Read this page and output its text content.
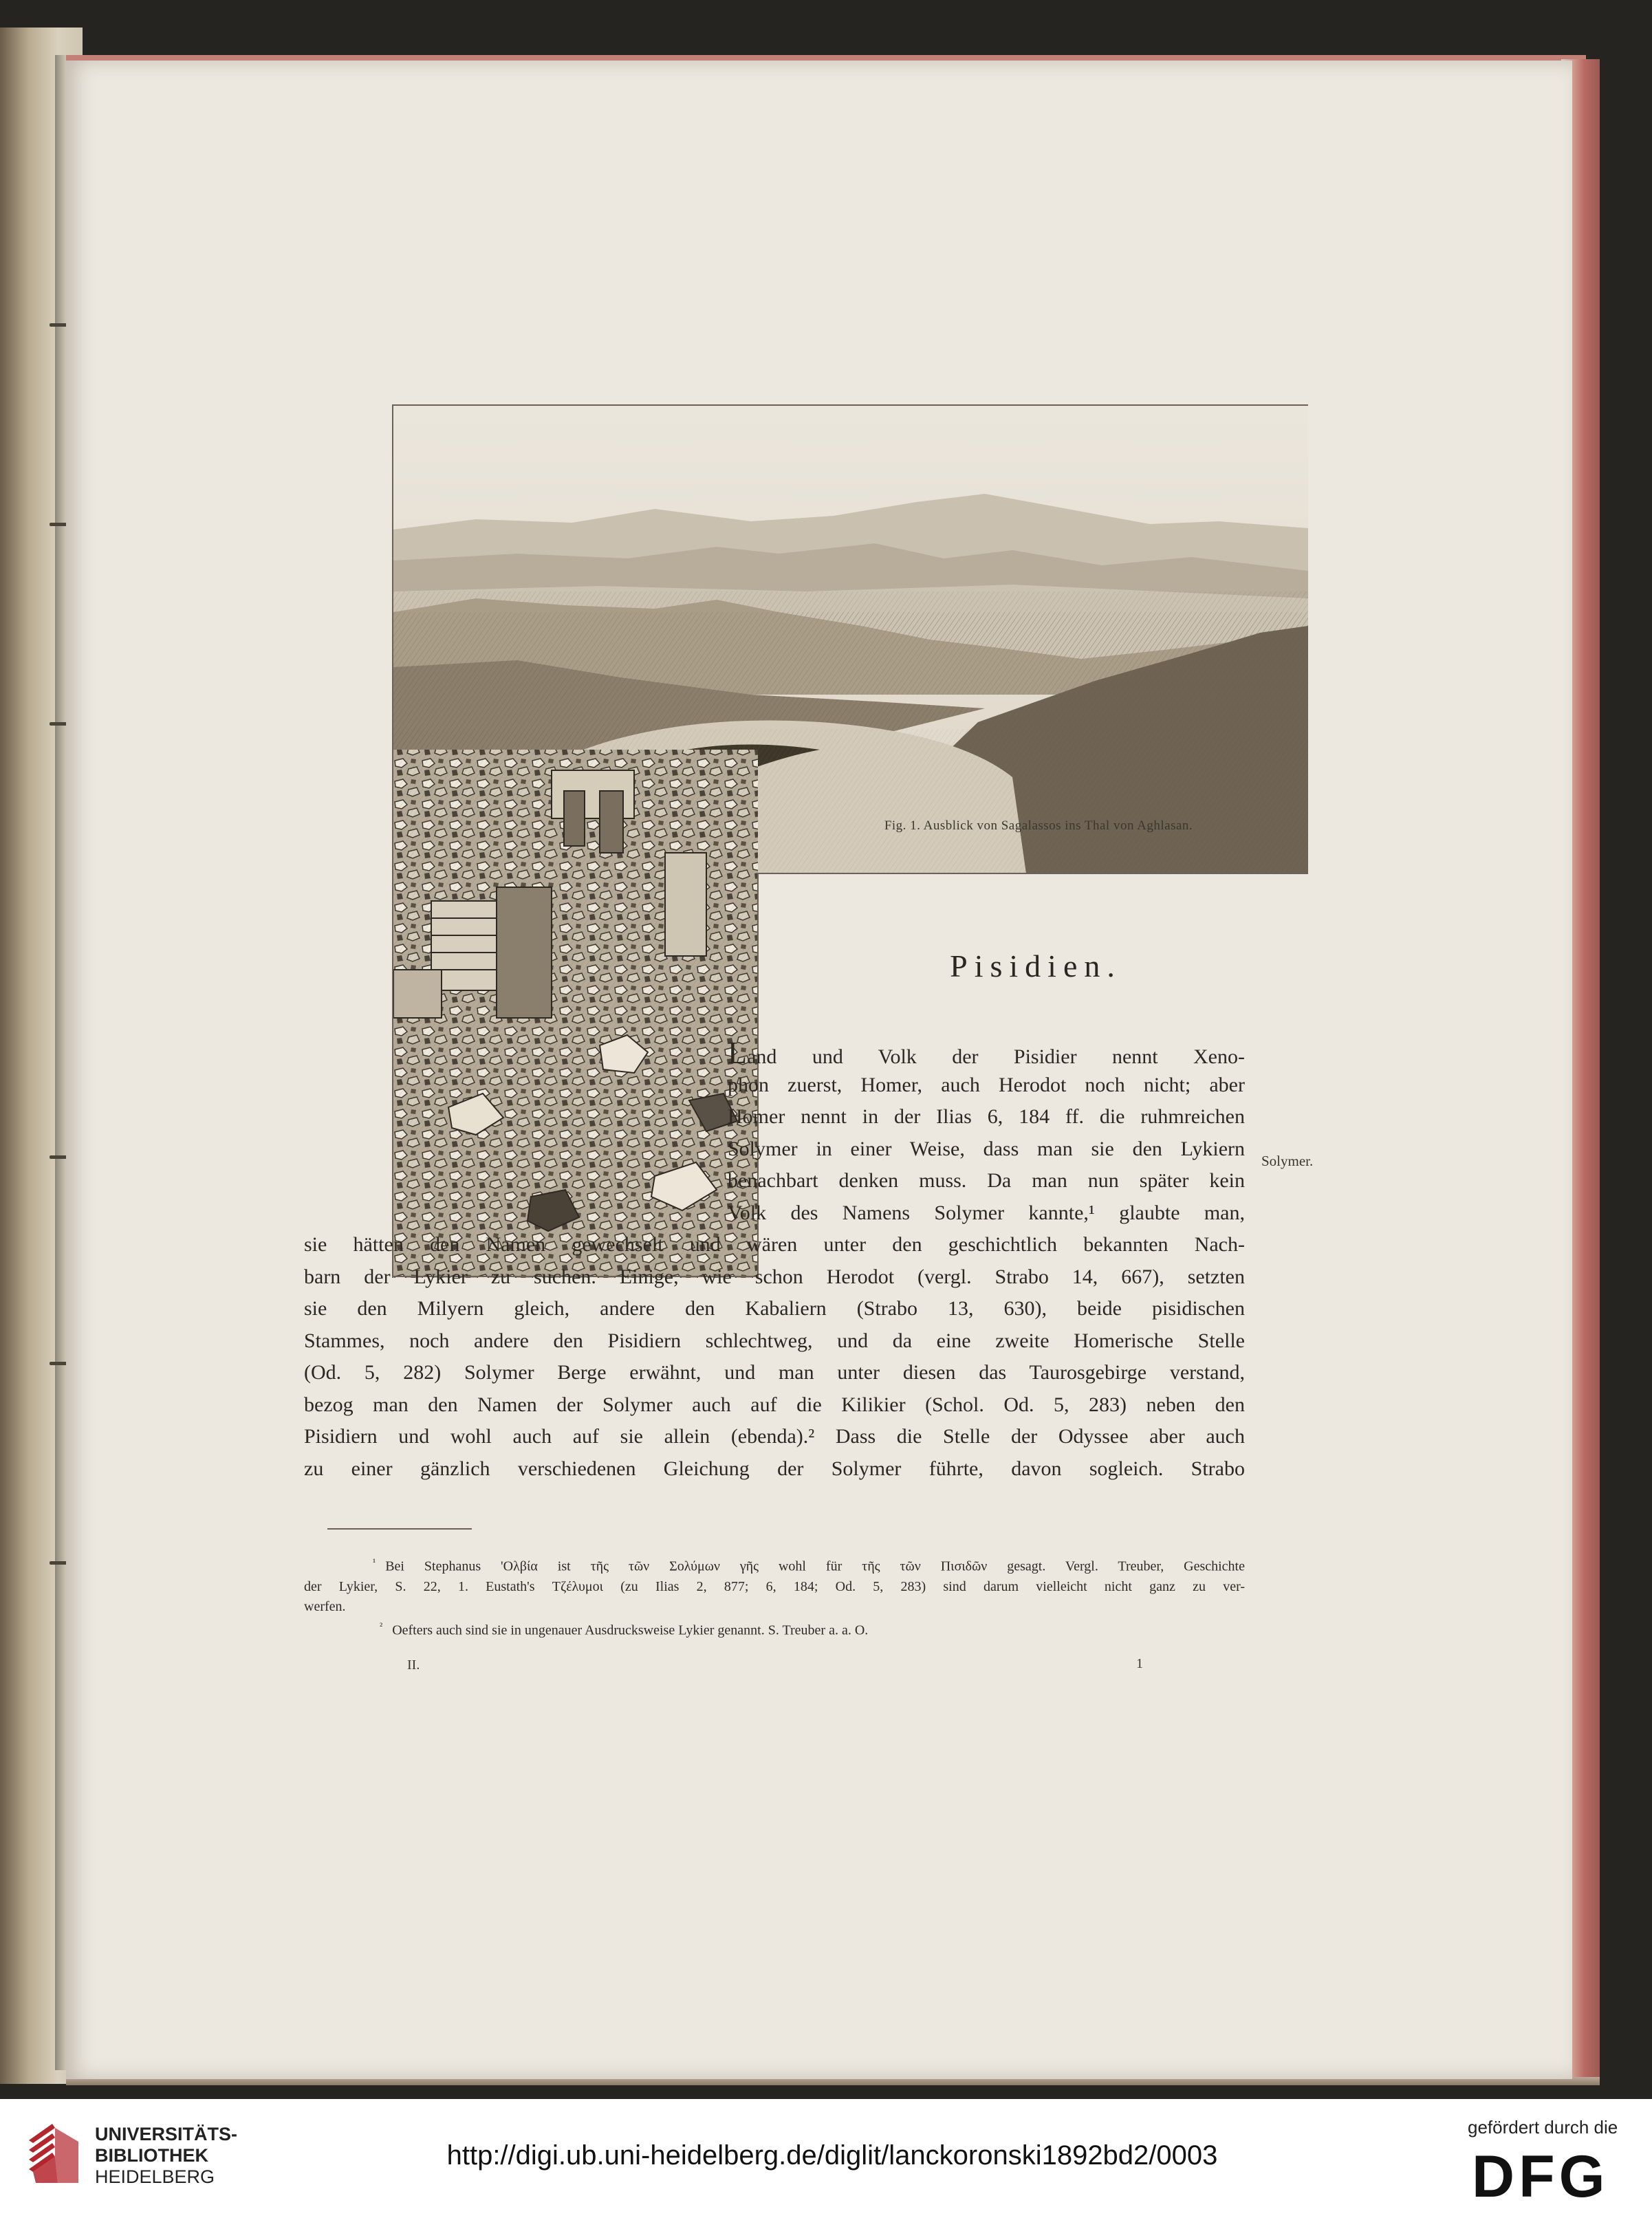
Fig. 1. Ausblick von Sagalassos ins Thal von Aghlasan.
Pisidien.
Land und Volk der Pisidier nennt Xeno-
phon zuerst, Homer, auch Herodot noch nicht; aber
Homer nennt in der Ilias 6, 184 ff. die ruhmreichen
Solymer in einer Weise, dass man sie den Lykiern
benachbart denken muss. Da man nun später kein
Volk des Namens Solymer kannte,¹ glaubte man,
sie hätten den Namen gewechselt und wären unter den geschichtlich bekannten Nach-
barn der Lykier zu suchen. Einige, wie schon Herodot (vergl. Strabo 14, 667), setzten
sie den Milyern gleich, andere den Kabaliern (Strabo 13, 630), beide pisidischen
Stammes, noch andere den Pisidiern schlechtweg, und da eine zweite Homerische Stelle
(Od. 5, 282) Solymer Berge erwähnt, und man unter diesen das Taurosgebirge verstand,
bezog man den Namen der Solymer auch auf die Kilikier (Schol. Od. 5, 283) neben den
Pisidiern und wohl auch auf sie allein (ebenda).² Dass die Stelle der Odyssee aber auch
zu einer gänzlich verschiedenen Gleichung der Solymer führte, davon sogleich. Strabo
Solymer.
$^{^1}$ Bei Stephanus 'Ολβία ist τῆς τῶν Σολύμων γῆς wohl für τῆς τῶν Πισιδῶν gesagt. Vergl. Treuber, Geschichte
der Lykier, S. 22, 1. Eustath's Τζέλυμοι (zu Ilias 2, 877; 6, 184; Od. 5, 283) sind darum vielleicht nicht ganz zu ver-
werfen.
$^{^2}$ Oefters auch sind sie in ungenauer Ausdrucksweise Lykier genannt. S. Treuber a. a. O.
II.	1
UNIVERSITÄTS-
BIBLIOTHEK
HEIDELBERG
http://digi.ub.uni-heidelberg.de/diglit/lanckoronski1892bd2/0003
gefördert durch die
DFG
